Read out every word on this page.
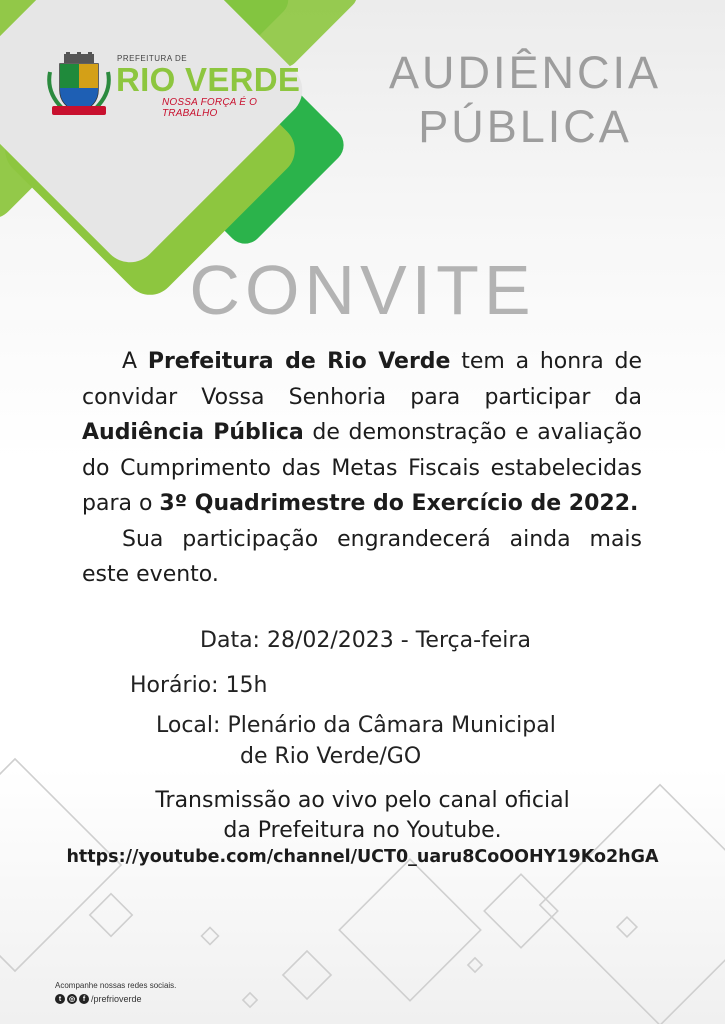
PREFEITURA DE
RIO VERDE
NOSSA FORÇA É O TRABALHO
AUDIÊNCIA
PÚBLICA
CONVITE

A Prefeitura de Rio Verde tem a honra de convidar Vossa Senhoria para participar da Audiência Pública de demonstração e avaliação do Cumprimento das Metas Fiscais estabelecidas para o 3º Quadrimestre do Exercício de 2022.

Sua participação engrandecerá ainda mais este evento.

Data: 28/02/2023 - Terça-feira
Horário: 15h
Local: Plenário da Câmara Municipal
de Rio Verde/GO
Transmissão ao vivo pelo canal oficial
da Prefeitura no Youtube.
https://youtube.com/channel/UCT0_uaru8CoOOHY19Ko2hGA
Acompanhe nossas redes sociais.
t	◎	f /prefrioverde
